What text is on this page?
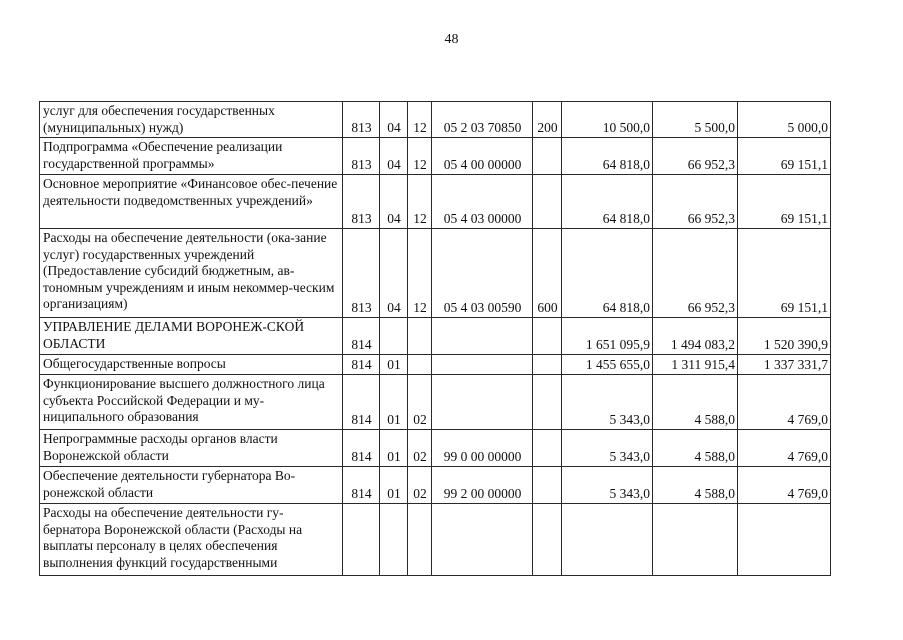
48
услуг для обеспечения государственных (муниципальных) нужд)	813	04	12	05 2 03 70850	200	10 500,0	5 500,0	5 000,0
Подпрограмма «Обеспечение реализации государственной программы»	813	04	12	05 4 00 00000		64 818,0	66 952,3	69 151,1
Основное мероприятие «Финансовое обес-печение деятельности подведомственных учреждений»	813	04	12	05 4 03 00000		64 818,0	66 952,3	69 151,1
Расходы на обеспечение деятельности (ока-зание услуг) государственных учреждений (Предоставление субсидий бюджетным, ав-тономным учреждениям и иным некоммер-ческим организациям)	813	04	12	05 4 03 00590	600	64 818,0	66 952,3	69 151,1
УПРАВЛЕНИЕ ДЕЛАМИ ВОРОНЕЖ-СКОЙ ОБЛАСТИ	814					1 651 095,9	1 494 083,2	1 520 390,9
Общегосударственные вопросы	814	01				1 455 655,0	1 311 915,4	1 337 331,7
Функционирование высшего должностного лица субъекта Российской Федерации и му-ниципального образования	814	01	02			5 343,0	4 588,0	4 769,0
Непрограммные расходы органов власти Воронежской области	814	01	02	99 0 00 00000		5 343,0	4 588,0	4 769,0
Обеспечение деятельности губернатора Во-ронежской области	814	01	02	99 2 00 00000		5 343,0	4 588,0	4 769,0
Расходы на обеспечение деятельности гу-бернатора Воронежской области (Расходы на выплаты персоналу в целях обеспечения выполнения функций государственными								
